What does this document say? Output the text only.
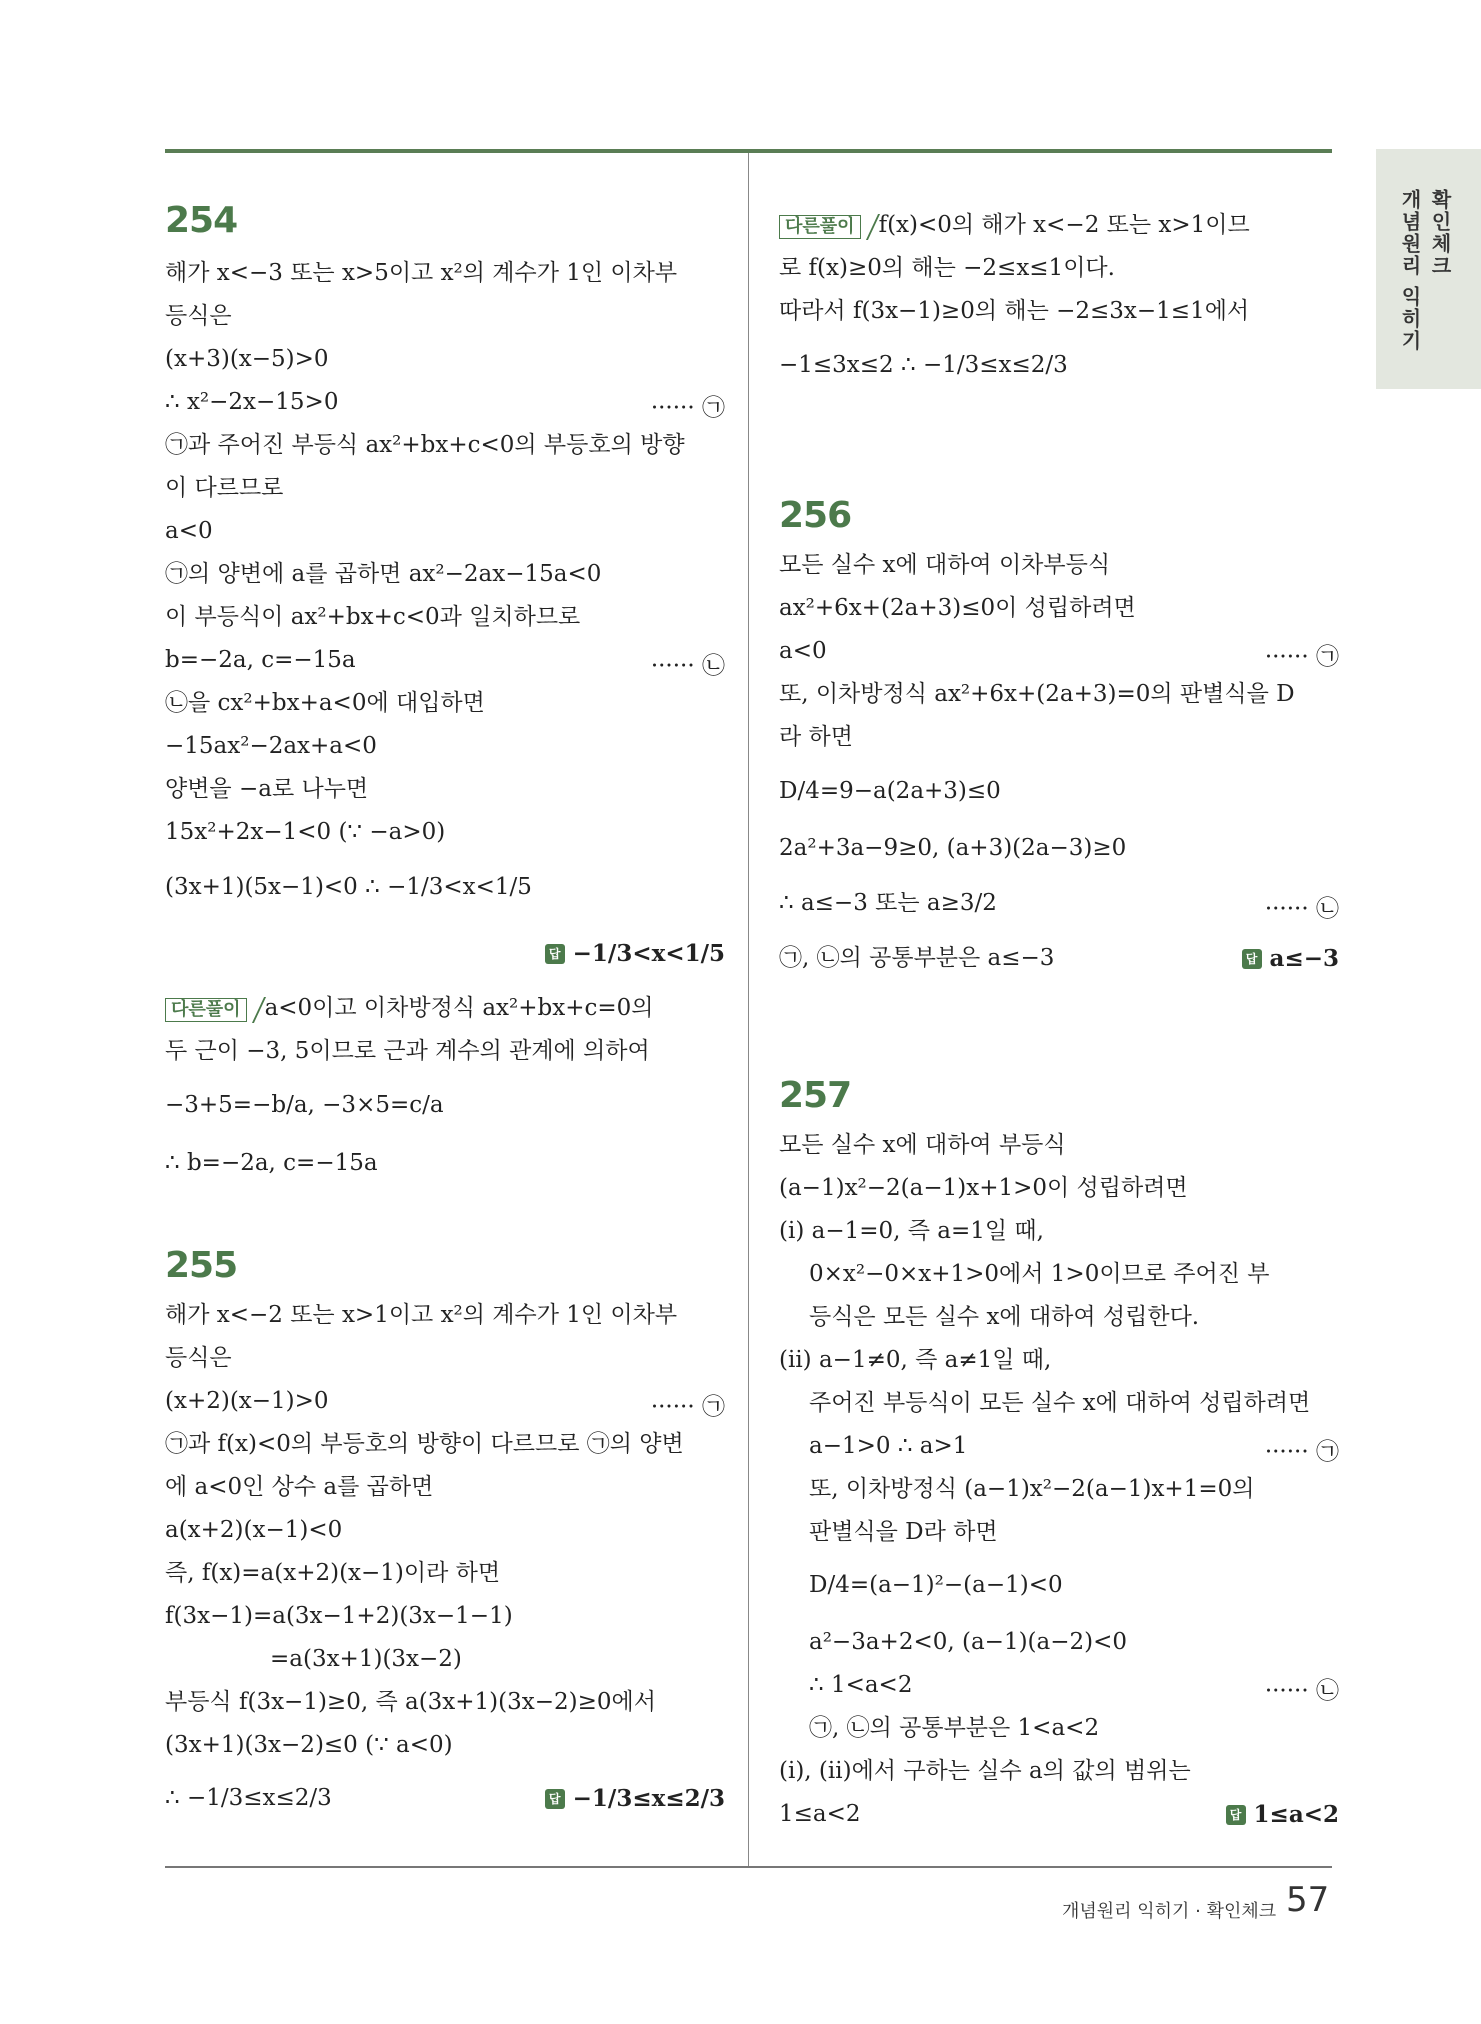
확인체크
개념원리 익히기
254
해가 x<−3 또는 x>5이고 x²의 계수가 1인 이차부
등식은
(x+3)(x−5)>0
∴ x²−2x−15>0	······ ㉠
㉠과 주어진 부등식 ax²+bx+c<0의 부등호의 방향
이 다르므로
a<0
㉠의 양변에 a를 곱하면 ax²−2ax−15a<0
이 부등식이 ax²+bx+c<0과 일치하므로
b=−2a, c=−15a	······ ㉡
㉡을 cx²+bx+a<0에 대입하면
−15ax²−2ax+a<0
양변을 −a로 나누면
15x²+2x−1<0 (∵ −a>0)
(3x+1)(5x−1)<0 ∴ −1/3<x<1/5
답 −1/3<x<1/5
다른풀이 a<0이고 이차방정식 ax²+bx+c=0의
두 근이 −3, 5이므로 근과 계수의 관계에 의하여
−3+5=−b/a, −3×5=c/a
∴ b=−2a, c=−15a
255
해가 x<−2 또는 x>1이고 x²의 계수가 1인 이차부
등식은
(x+2)(x−1)>0	······ ㉠
㉠과 f(x)<0의 부등호의 방향이 다르므로 ㉠의 양변
에 a<0인 상수 a를 곱하면
a(x+2)(x−1)<0
즉, f(x)=a(x+2)(x−1)이라 하면
f(3x−1)=a(3x−1+2)(3x−1−1)
=a(3x+1)(3x−2)
부등식 f(3x−1)≥0, 즉 a(3x+1)(3x−2)≥0에서
(3x+1)(3x−2)≤0 (∵ a<0)
∴ −1/3≤x≤2/3	답 −1/3≤x≤2/3
다른풀이 f(x)<0의 해가 x<−2 또는 x>1이므
로 f(x)≥0의 해는 −2≤x≤1이다.
따라서 f(3x−1)≥0의 해는 −2≤3x−1≤1에서
−1≤3x≤2 ∴ −1/3≤x≤2/3
256
모든 실수 x에 대하여 이차부등식
ax²+6x+(2a+3)≤0이 성립하려면
a<0	······ ㉠
또, 이차방정식 ax²+6x+(2a+3)=0의 판별식을 D
라 하면
D/4=9−a(2a+3)≤0
2a²+3a−9≥0, (a+3)(2a−3)≥0
∴ a≤−3 또는 a≥3/2	······ ㉡
㉠, ㉡의 공통부분은 a≤−3	답 a≤−3
257
모든 실수 x에 대하여 부등식
(a−1)x²−2(a−1)x+1>0이 성립하려면
(ⅰ) a−1=0, 즉 a=1일 때,
0×x²−0×x+1>0에서 1>0이므로 주어진 부
등식은 모든 실수 x에 대하여 성립한다.
(ⅱ) a−1≠0, 즉 a≠1일 때,
주어진 부등식이 모든 실수 x에 대하여 성립하려면
a−1>0 ∴ a>1	······ ㉠
또, 이차방정식 (a−1)x²−2(a−1)x+1=0의
판별식을 D라 하면
D/4=(a−1)²−(a−1)<0
a²−3a+2<0, (a−1)(a−2)<0
∴ 1<a<2	······ ㉡
㉠, ㉡의 공통부분은 1<a<2
(ⅰ), (ⅱ)에서 구하는 실수 a의 값의 범위는
1≤a<2	답 1≤a<2
개념원리 익히기 · 확인체크 57
